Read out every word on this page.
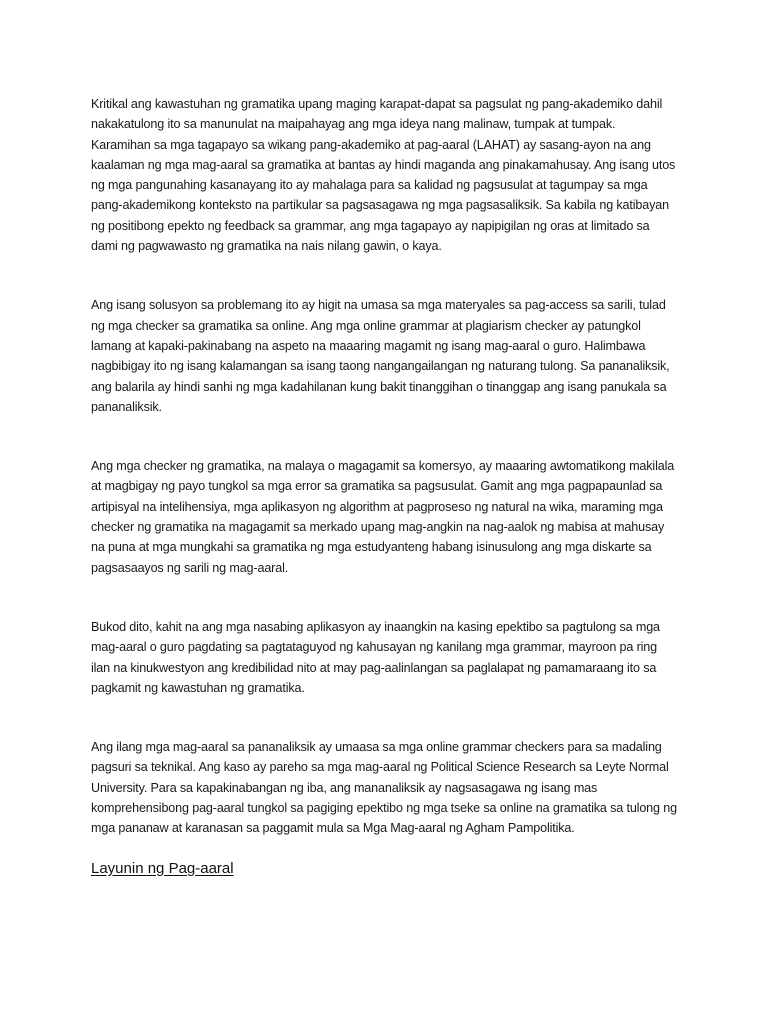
Kritikal ang kawastuhan ng gramatika upang maging karapat-dapat sa pagsulat ng pang-akademiko dahil nakakatulong ito sa manunulat na maipahayag ang mga ideya nang malinaw, tumpak at tumpak. Karamihan sa mga tagapayo sa wikang pang-akademiko at pag-aaral (LAHAT) ay sasang-ayon na ang kaalaman ng mga mag-aaral sa gramatika at bantas ay hindi maganda ang pinakamahusay. Ang isang utos ng mga pangunahing kasanayang ito ay mahalaga para sa kalidad ng pagsusulat at tagumpay sa mga pang-akademikong konteksto na partikular sa pagsasagawa ng mga pagsasaliksik. Sa kabila ng katibayan ng positibong epekto ng feedback sa grammar, ang mga tagapayo ay napipigilan ng oras at limitado sa dami ng pagwawasto ng gramatika na nais nilang gawin, o kaya.

Ang isang solusyon sa problemang ito ay higit na umasa sa mga materyales sa pag-access sa sarili, tulad ng mga checker sa gramatika sa online. Ang mga online grammar at plagiarism checker ay patungkol lamang at kapaki-pakinabang na aspeto na maaaring magamit ng isang mag-aaral o guro. Halimbawa nagbibigay ito ng isang kalamangan sa isang taong nangangailangan ng naturang tulong. Sa pananaliksik, ang balarila ay hindi sanhi ng mga kadahilanan kung bakit tinanggihan o tinanggap ang isang panukala sa pananaliksik.

Ang mga checker ng gramatika, na malaya o magagamit sa komersyo, ay maaaring awtomatikong makilala at magbigay ng payo tungkol sa mga error sa gramatika sa pagsusulat. Gamit ang mga pagpapaunlad sa artipisyal na intelihensiya, mga aplikasyon ng algorithm at pagproseso ng natural na wika, maraming mga checker ng gramatika na magagamit sa merkado upang mag-angkin na nag-aalok ng mabisa at mahusay na puna at mga mungkahi sa gramatika ng mga estudyanteng habang isinusulong ang mga diskarte sa pagsasaayos ng sarili ng mag-aaral.

Bukod dito, kahit na ang mga nasabing aplikasyon ay inaangkin na kasing epektibo sa pagtulong sa mga mag-aaral o guro pagdating sa pagtataguyod ng kahusayan ng kanilang mga grammar, mayroon pa ring ilan na kinukwestyon ang kredibilidad nito at may pag-aalinlangan sa paglalapat ng pamamaraang ito sa pagkamit ng kawastuhan ng gramatika.

Ang ilang mga mag-aaral sa pananaliksik ay umaasa sa mga online grammar checkers para sa madaling pagsuri sa teknikal. Ang kaso ay pareho sa mga mag-aaral ng Political Science Research sa Leyte Normal University. Para sa kapakinabangan ng iba, ang mananaliksik ay nagsasagawa ng isang mas komprehensibong pag-aaral tungkol sa pagiging epektibo ng mga tseke sa online na gramatika sa tulong ng mga pananaw at karanasan sa paggamit mula sa Mga Mag-aaral ng Agham Pampolitika.

Layunin ng Pag-aaral
